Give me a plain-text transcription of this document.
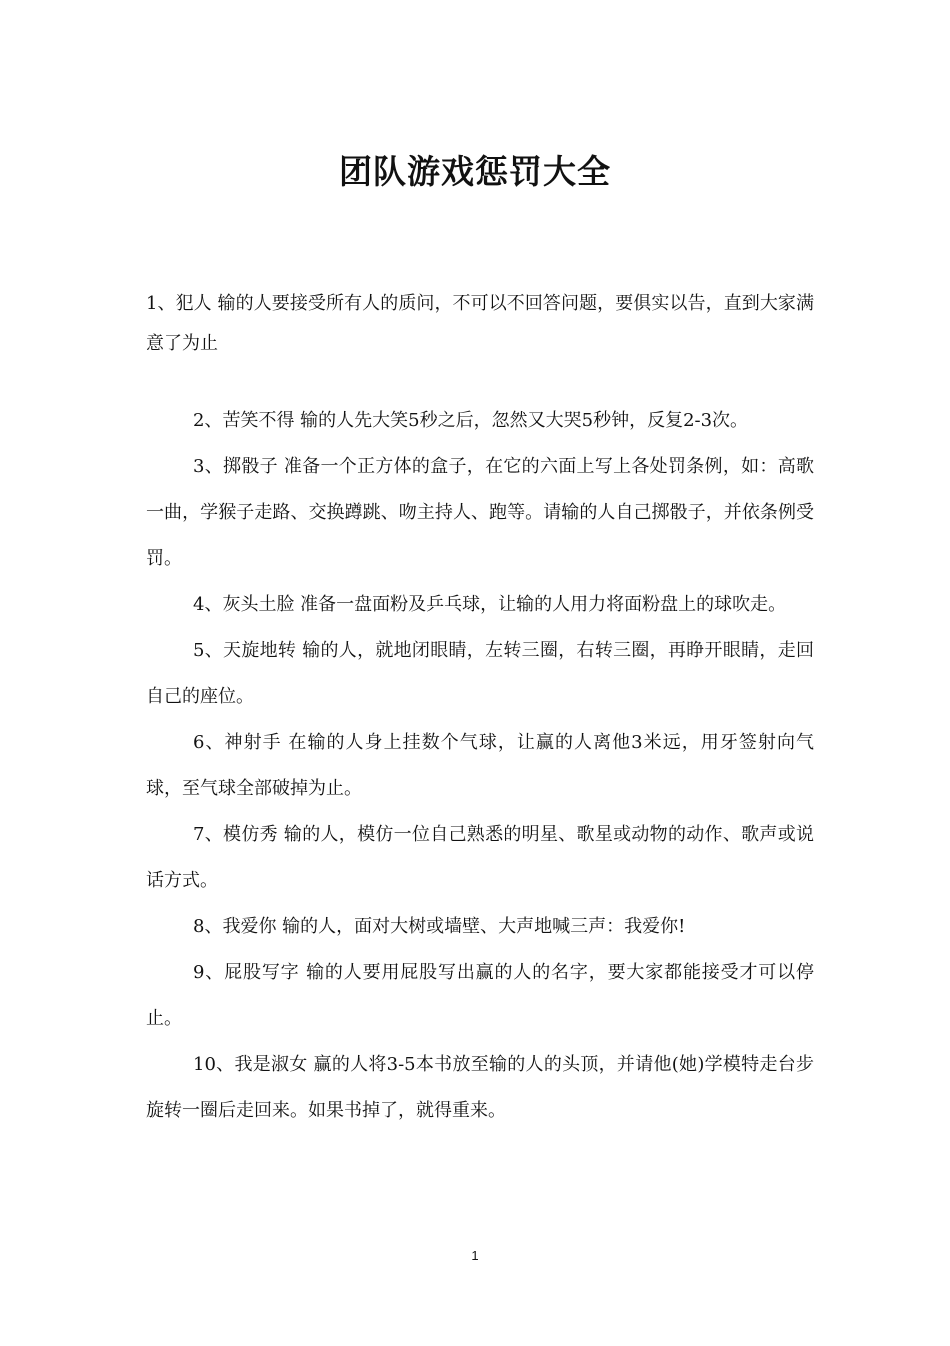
团队游戏惩罚大全

1、犯人 输的人要接受所有人的质问，不可以不回答问题，要俱实以告，直到大家满意了为止

2、苦笑不得 输的人先大笑5秒之后，忽然又大哭5秒钟，反复2-3次。

3、掷骰子 准备一个正方体的盒子，在它的六面上写上各处罚条例，如：高歌一曲，学猴子走路、交换蹲跳、吻主持人、跑等。请输的人自己掷骰子，并依条例受罚。

4、灰头土脸 准备一盘面粉及乒乓球，让输的人用力将面粉盘上的球吹走。

5、天旋地转 输的人，就地闭眼睛，左转三圈，右转三圈，再睁开眼睛，走回自己的座位。

6、神射手 在输的人身上挂数个气球，让赢的人离他3米远，用牙签射向气球，至气球全部破掉为止。

7、模仿秀 输的人，模仿一位自己熟悉的明星、歌星或动物的动作、歌声或说话方式。

8、我爱你 输的人，面对大树或墙壁、大声地喊三声：我爱你!

9、屁股写字 输的人要用屁股写出赢的人的名字，要大家都能接受才可以停止。

10、我是淑女 赢的人将3-5本书放至输的人的头顶，并请他(她)学模特走台步旋转一圈后走回来。如果书掉了，就得重来。

1
